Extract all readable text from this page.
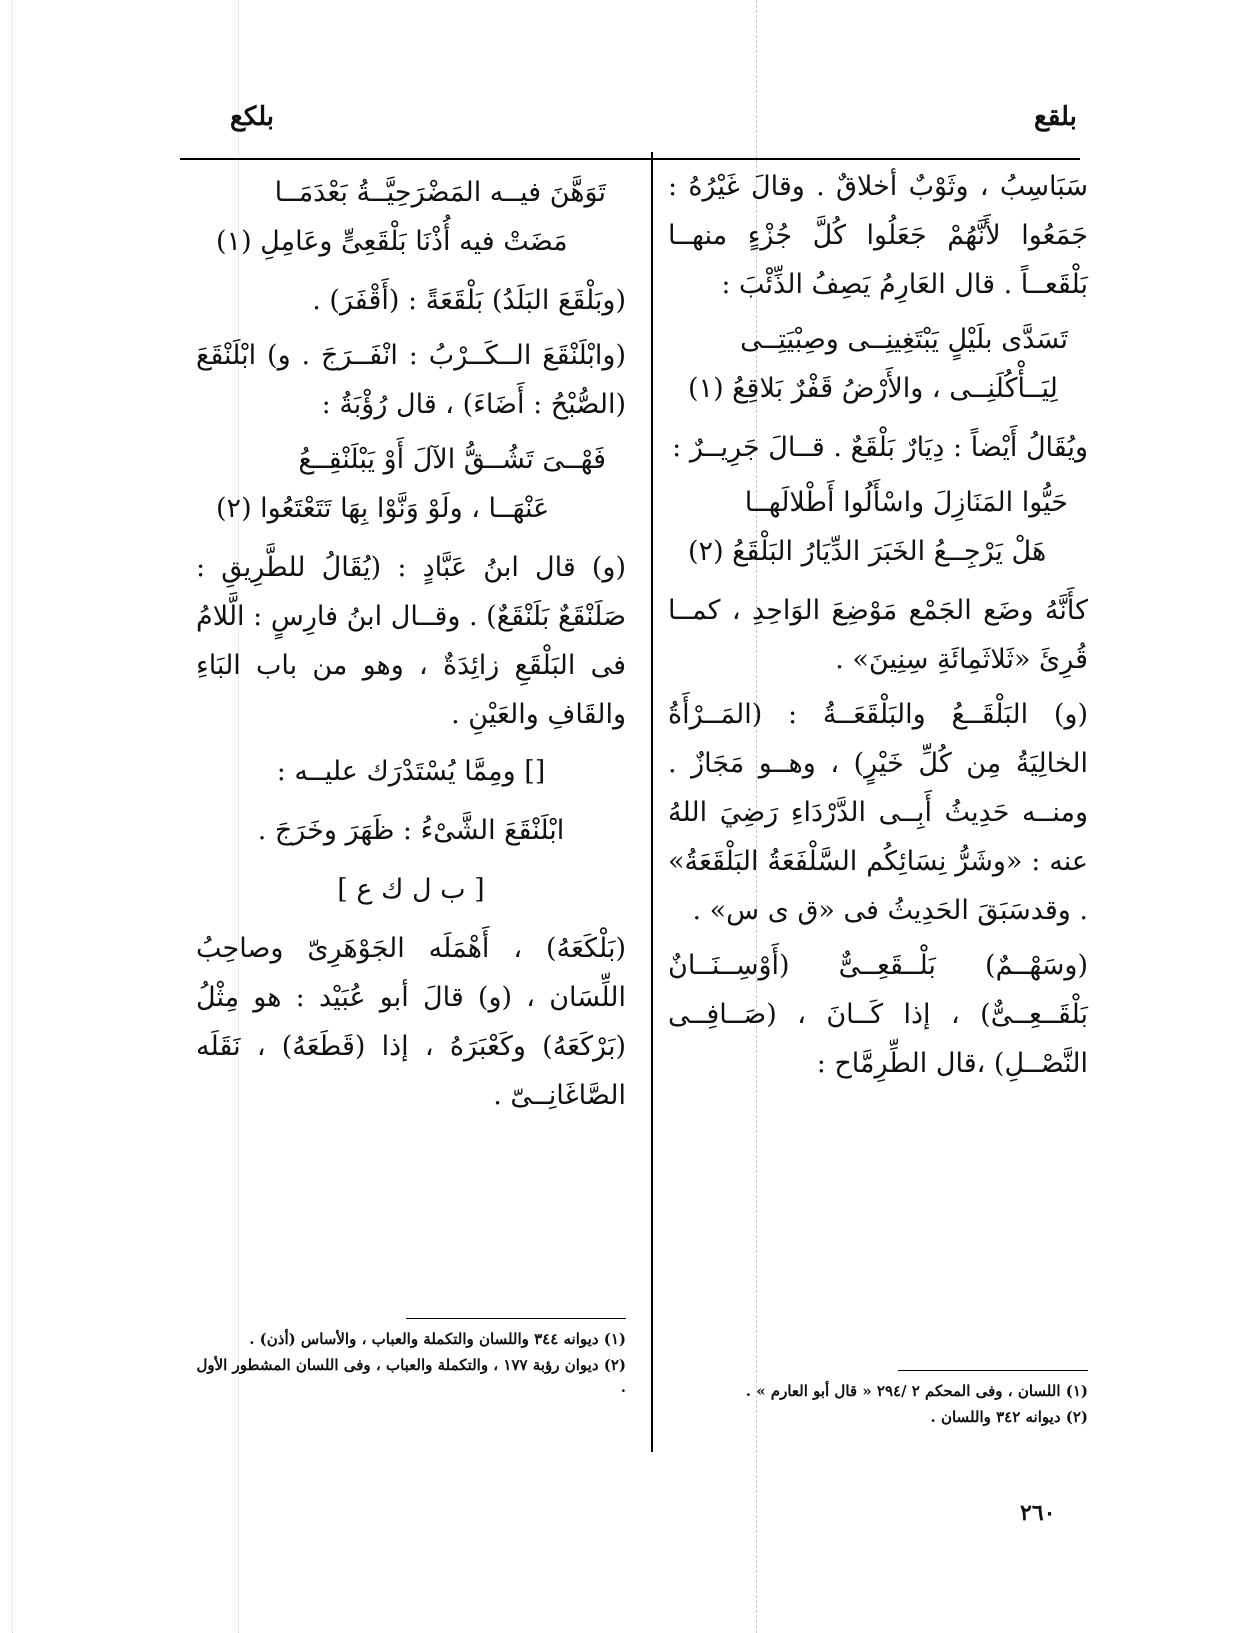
بلقع
بلكع
سَبَاسِبُ ، وثَوْبٌ أخلاقٌ . وقالَ غَيْرُهُ : جَمَعُوا لأَنَّهُمْ جَعَلُوا كُلَّ جُزْءٍ منهــا بَلْقَعــاً . قال العَارِمُ يَصِفُ الذِّئْبَ :
تَسَدَّى بلَيْلٍ يَبْتَغِينِــى وصِبْيَتِــى
لِيَــأْكُلَنِــى ، والأَرْضُ قَفْرٌ بَلاقِعُ (١)
ويُقَالُ أَيْضاً : دِيَارٌ بَلْقَعٌ . قــالَ جَرِيــرٌ :
حَيُّوا المَنَازِلَ واسْأَلُوا أَطْلالَهــا
هَلْ يَرْجِــعُ الخَبَرَ الدِّيَارُ البَلْقَعُ (٢)
كأَنَّهُ وضَع الجَمْع مَوْضِعَ الوَاحِدِ ، كمــا قُرِئَ «ثَلاثَمِائَةِ سِنِينَ» .
(و) البَلْقَــعُ والبَلْقَعَــةُ : (المَــرْأَةُ الخالِيَةُ مِن كُلِّ خَيْرٍ) ، وهــو مَجَازٌ . ومنــه حَدِيثُ أَبِــى الدَّرْدَاءِ رَضِيَ اللهُ عنه : «وشَرُّ نِسَائِكُم السَّلْفَعَةُ البَلْقَعَةُ» . وقدسَبَقَ الحَدِيثُ فى «ق ى س» .
(وسَهْــمٌ) بَلْــقَعِــىٌّ (أَوْسِــنَــانٌ بَلْقَــعِــىٌّ) ، إذا كَــانَ ، (صَــافِــى النَّصْــلِ) ،قال الطِّرِمَّاح :
(١) اللسان ، وفى المحكم ٢ /٢٩٤ « قال أبو العارم » .
(٢) ديوانه ٣٤٢ واللسان .
تَوَهَّنَ فيــه المَضْرَحِيَّــةُ بَعْدَمَــا
مَضَتْ فيه أُذْنَا بَلْقَعِىٍّ وعَامِلِ (١)
(وبَلْقَعَ البَلَدُ) بَلْقَعَةً : (أَقْفَرَ) .
(وابْلَنْقَعَ الــكَــرْبُ : انْفَــرَجَ . و) ابْلَنْقَعَ (الصُّبْحُ : أَضَاءَ) ، قال رُؤْبَةُ :
فَهْــىَ تَشُــقُّ الآلَ أَوْ يَبْلَنْقِــعُ
عَنْهَــا ، ولَوْ وَنَّوْا بِهَا تَتَعْتَعُوا (٢)
(و) قال ابنُ عَبَّادٍ : (يُقَالُ للطَّرِيقِ : صَلَنْقَعٌ بَلَنْقَعٌ) . وقــال ابنُ فارِسٍ : الَّلامُ فى البَلْقَعِ زائِدَةٌ ، وهو من باب البَاءِ والقَافِ والعَيْنِ .
[] ومِمَّا يُسْتَدْرَك عليــه :
ابْلَنْقَعَ الشَّىْءُ : ظَهَرَ وخَرَجَ .
[ ب ل ك ع ]
(بَلْكَعَهُ) ، أَهْمَلَه الجَوْهَرِىّ وصاحِبُ اللِّسَان ، (و) قالَ أبو عُبَيْد : هو مِثْلُ (بَرْكَعَهُ) وكَعْبَرَهُ ، إذا (قَطَعَهُ) ، نَقَلَه الصَّاغَانِــىّ .
(١) ديوانه ٣٤٤ واللسان والتكملة والعباب ، والأساس (أذن) .
(٢) ديوان رؤبة ١٧٧ ، والتكملة والعباب ، وفى اللسان المشطور الأول .
٢٦٠
